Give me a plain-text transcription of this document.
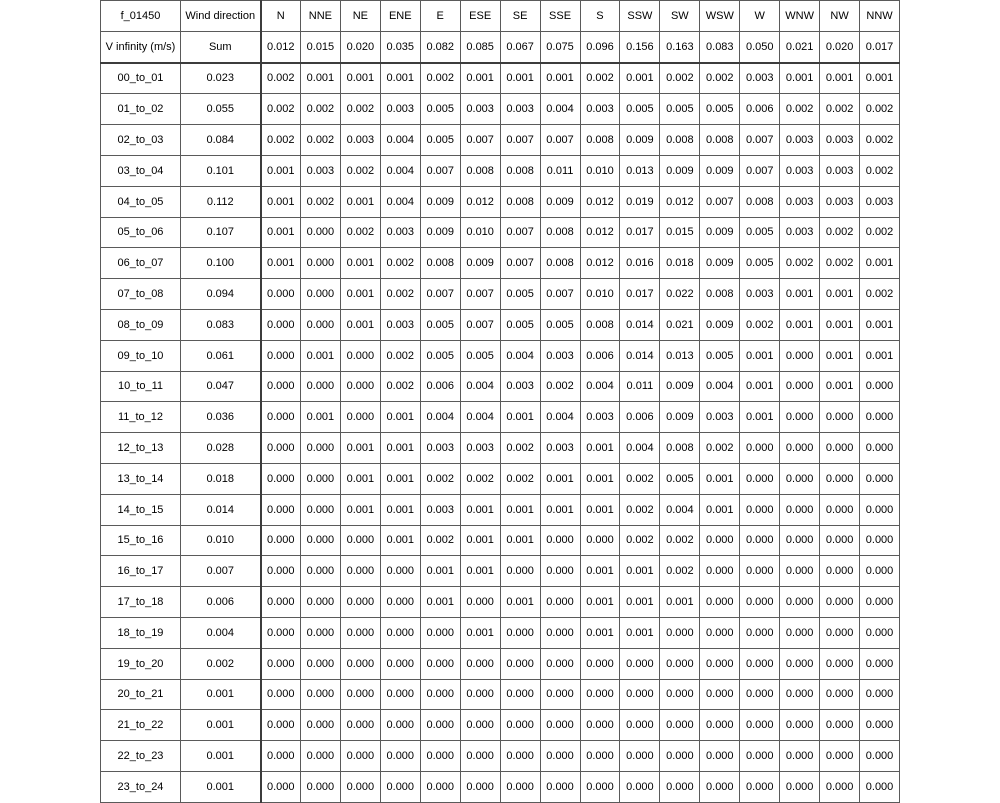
f_01450	Wind direction	N	NNE	NE	ENE	E	ESE	SE	SSE	S	SSW	SW	WSW	W	WNW	NW	NNW
V infinity (m/s)	Sum	0.012	0.015	0.020	0.035	0.082	0.085	0.067	0.075	0.096	0.156	0.163	0.083	0.050	0.021	0.020	0.017
00_to_01	0.023	0.002	0.001	0.001	0.001	0.002	0.001	0.001	0.001	0.002	0.001	0.002	0.002	0.003	0.001	0.001	0.001
01_to_02	0.055	0.002	0.002	0.002	0.003	0.005	0.003	0.003	0.004	0.003	0.005	0.005	0.005	0.006	0.002	0.002	0.002
02_to_03	0.084	0.002	0.002	0.003	0.004	0.005	0.007	0.007	0.007	0.008	0.009	0.008	0.008	0.007	0.003	0.003	0.002
03_to_04	0.101	0.001	0.003	0.002	0.004	0.007	0.008	0.008	0.011	0.010	0.013	0.009	0.009	0.007	0.003	0.003	0.002
04_to_05	0.112	0.001	0.002	0.001	0.004	0.009	0.012	0.008	0.009	0.012	0.019	0.012	0.007	0.008	0.003	0.003	0.003
05_to_06	0.107	0.001	0.000	0.002	0.003	0.009	0.010	0.007	0.008	0.012	0.017	0.015	0.009	0.005	0.003	0.002	0.002
06_to_07	0.100	0.001	0.000	0.001	0.002	0.008	0.009	0.007	0.008	0.012	0.016	0.018	0.009	0.005	0.002	0.002	0.001
07_to_08	0.094	0.000	0.000	0.001	0.002	0.007	0.007	0.005	0.007	0.010	0.017	0.022	0.008	0.003	0.001	0.001	0.002
08_to_09	0.083	0.000	0.000	0.001	0.003	0.005	0.007	0.005	0.005	0.008	0.014	0.021	0.009	0.002	0.001	0.001	0.001
09_to_10	0.061	0.000	0.001	0.000	0.002	0.005	0.005	0.004	0.003	0.006	0.014	0.013	0.005	0.001	0.000	0.001	0.001
10_to_11	0.047	0.000	0.000	0.000	0.002	0.006	0.004	0.003	0.002	0.004	0.011	0.009	0.004	0.001	0.000	0.001	0.000
11_to_12	0.036	0.000	0.001	0.000	0.001	0.004	0.004	0.001	0.004	0.003	0.006	0.009	0.003	0.001	0.000	0.000	0.000
12_to_13	0.028	0.000	0.000	0.001	0.001	0.003	0.003	0.002	0.003	0.001	0.004	0.008	0.002	0.000	0.000	0.000	0.000
13_to_14	0.018	0.000	0.000	0.001	0.001	0.002	0.002	0.002	0.001	0.001	0.002	0.005	0.001	0.000	0.000	0.000	0.000
14_to_15	0.014	0.000	0.000	0.001	0.001	0.003	0.001	0.001	0.001	0.001	0.002	0.004	0.001	0.000	0.000	0.000	0.000
15_to_16	0.010	0.000	0.000	0.000	0.001	0.002	0.001	0.001	0.000	0.000	0.002	0.002	0.000	0.000	0.000	0.000	0.000
16_to_17	0.007	0.000	0.000	0.000	0.000	0.001	0.001	0.000	0.000	0.001	0.001	0.002	0.000	0.000	0.000	0.000	0.000
17_to_18	0.006	0.000	0.000	0.000	0.000	0.001	0.000	0.001	0.000	0.001	0.001	0.001	0.000	0.000	0.000	0.000	0.000
18_to_19	0.004	0.000	0.000	0.000	0.000	0.000	0.001	0.000	0.000	0.001	0.001	0.000	0.000	0.000	0.000	0.000	0.000
19_to_20	0.002	0.000	0.000	0.000	0.000	0.000	0.000	0.000	0.000	0.000	0.000	0.000	0.000	0.000	0.000	0.000	0.000
20_to_21	0.001	0.000	0.000	0.000	0.000	0.000	0.000	0.000	0.000	0.000	0.000	0.000	0.000	0.000	0.000	0.000	0.000
21_to_22	0.001	0.000	0.000	0.000	0.000	0.000	0.000	0.000	0.000	0.000	0.000	0.000	0.000	0.000	0.000	0.000	0.000
22_to_23	0.001	0.000	0.000	0.000	0.000	0.000	0.000	0.000	0.000	0.000	0.000	0.000	0.000	0.000	0.000	0.000	0.000
23_to_24	0.001	0.000	0.000	0.000	0.000	0.000	0.000	0.000	0.000	0.000	0.000	0.000	0.000	0.000	0.000	0.000	0.000
